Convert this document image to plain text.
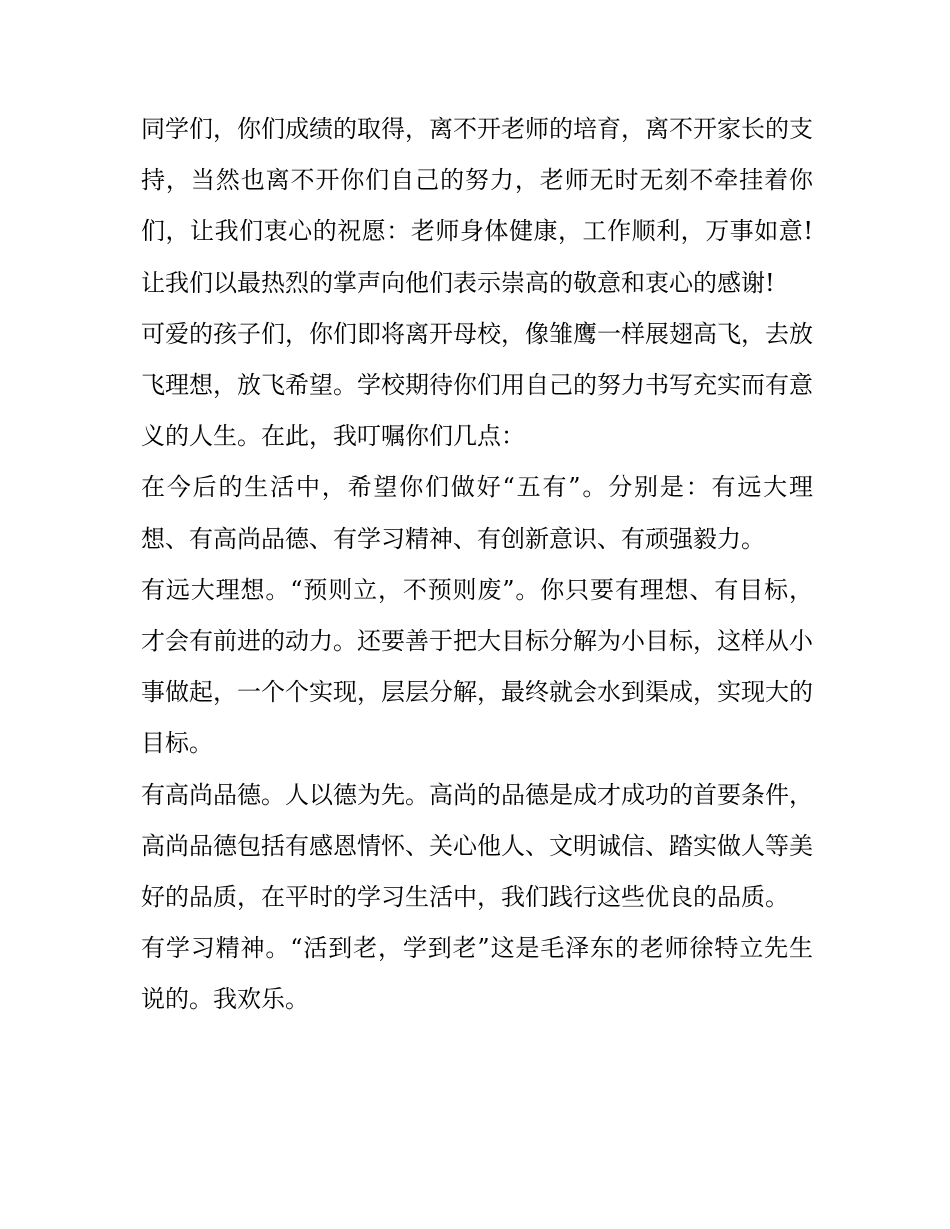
同学们，你们成绩的取得，离不开老师的培育，离不开家长的支持，当然也离不开你们自己的努力，老师无时无刻不牵挂着你们，让我们衷心的祝愿：老师身体健康，工作顺利，万事如意!让我们以最热烈的掌声向他们表示崇高的敬意和衷心的感谢!

可爱的孩子们，你们即将离开母校，像雏鹰一样展翅高飞，去放飞理想，放飞希望。学校期待你们用自己的努力书写充实而有意义的人生。在此，我叮嘱你们几点：

在今后的生活中，希望你们做好“五有”。分别是：有远大理想、有高尚品德、有学习精神、有创新意识、有顽强毅力。

有远大理想。“预则立，不预则废”。你只要有理想、有目标，才会有前进的动力。还要善于把大目标分解为小目标，这样从小事做起，一个个实现，层层分解，最终就会水到渠成，实现大的目标。

有高尚品德。人以德为先。高尚的品德是成才成功的首要条件，高尚品德包括有感恩情怀、关心他人、文明诚信、踏实做人等美好的品质，在平时的学习生活中，我们践行这些优良的品质。

有学习精神。“活到老，学到老”这是毛泽东的老师徐特立先生说的。我欢乐。
